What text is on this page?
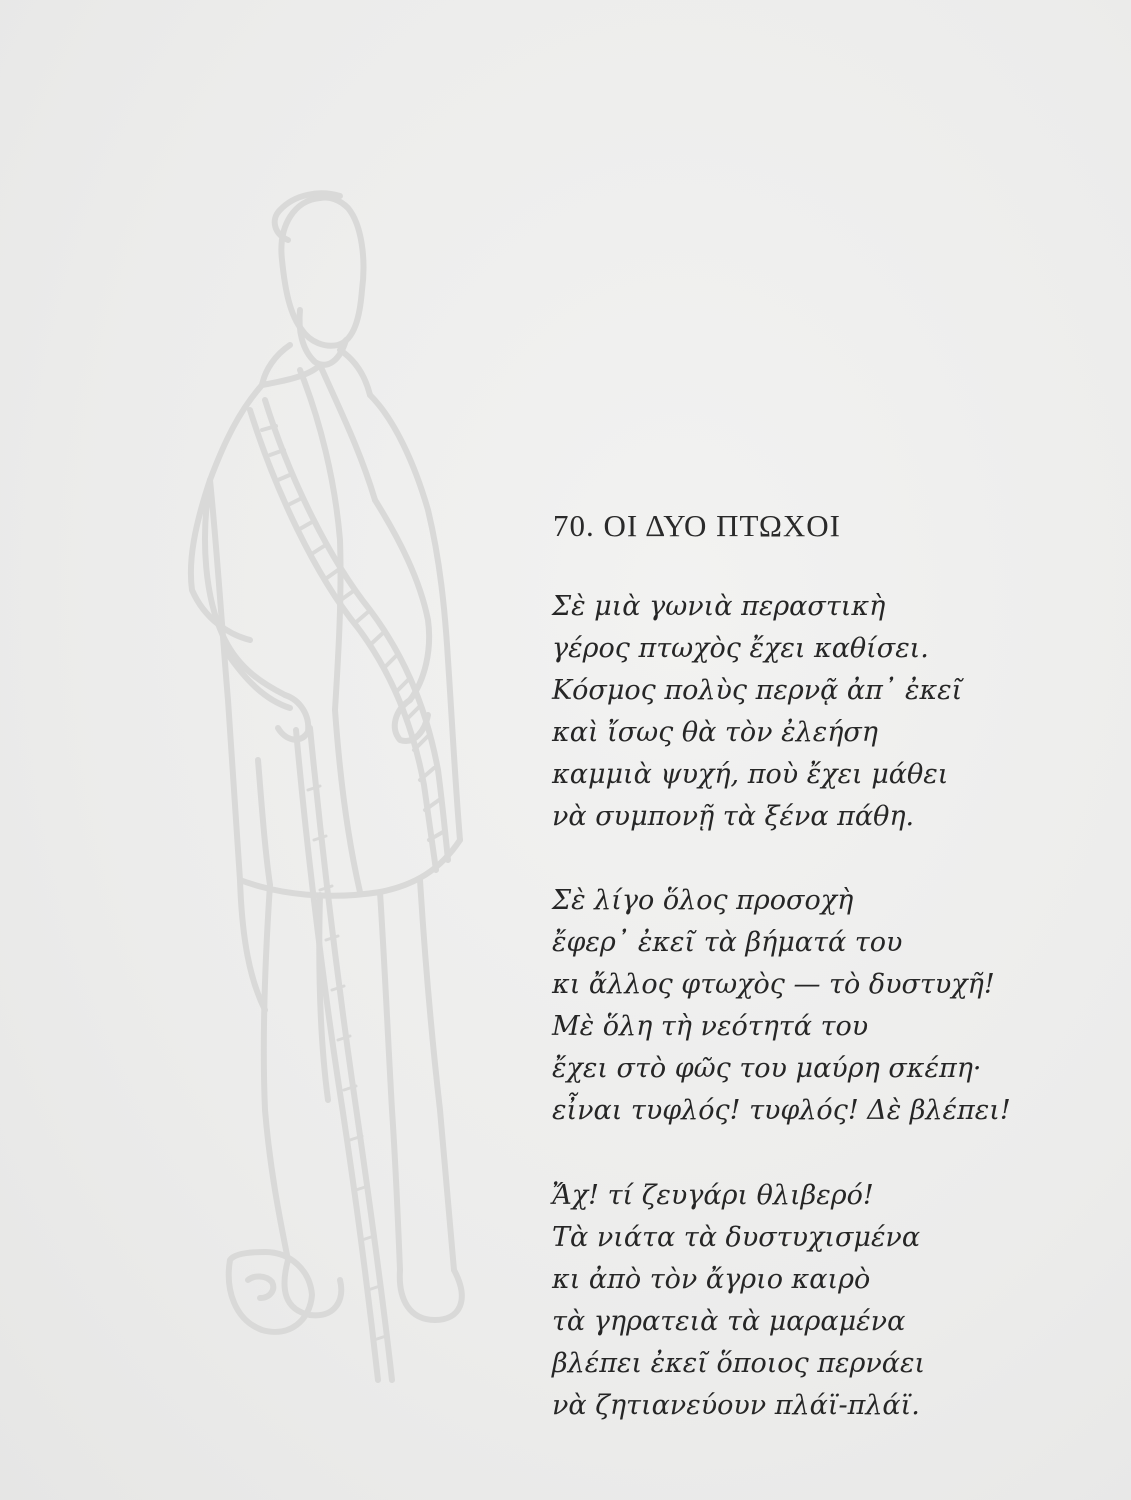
70. ΟΙ ΔΥΟ ΠΤΩΧΟΙ
Σὲ μιὰ γωνιὰ περαστικὴ
γέρος πτωχὸς ἔχει καθίσει.
Κόσμος πολὺς περνᾷ ἀπ᾽ ἐκεῖ
καὶ ἴσως θὰ τὸν ἐλεήση
καμμιὰ ψυχή, ποὺ ἔχει μάθει
νὰ συμπονῇ τὰ ξένα πάθη.
Σὲ λίγο ὅλος προσοχὴ
ἔφερ᾽ ἐκεῖ τὰ βήματά του
κι ἄλλος φτωχὸς — τὸ δυστυχῆ!
Μὲ ὅλη τὴ νεότητά του
ἔχει στὸ φῶς του μαύρη σκέπη·
εἶναι τυφλός! τυφλός! Δὲ βλέπει!
Ἄχ! τί ζευγάρι θλιβερό!
Τὰ νιάτα τὰ δυστυχισμένα
κι ἀπὸ τὸν ἄγριο καιρὸ
τὰ γηρατειὰ τὰ μαραμένα
βλέπει ἐκεῖ ὅποιος περνάει
νὰ ζητιανεύουν πλάϊ-πλάϊ.
